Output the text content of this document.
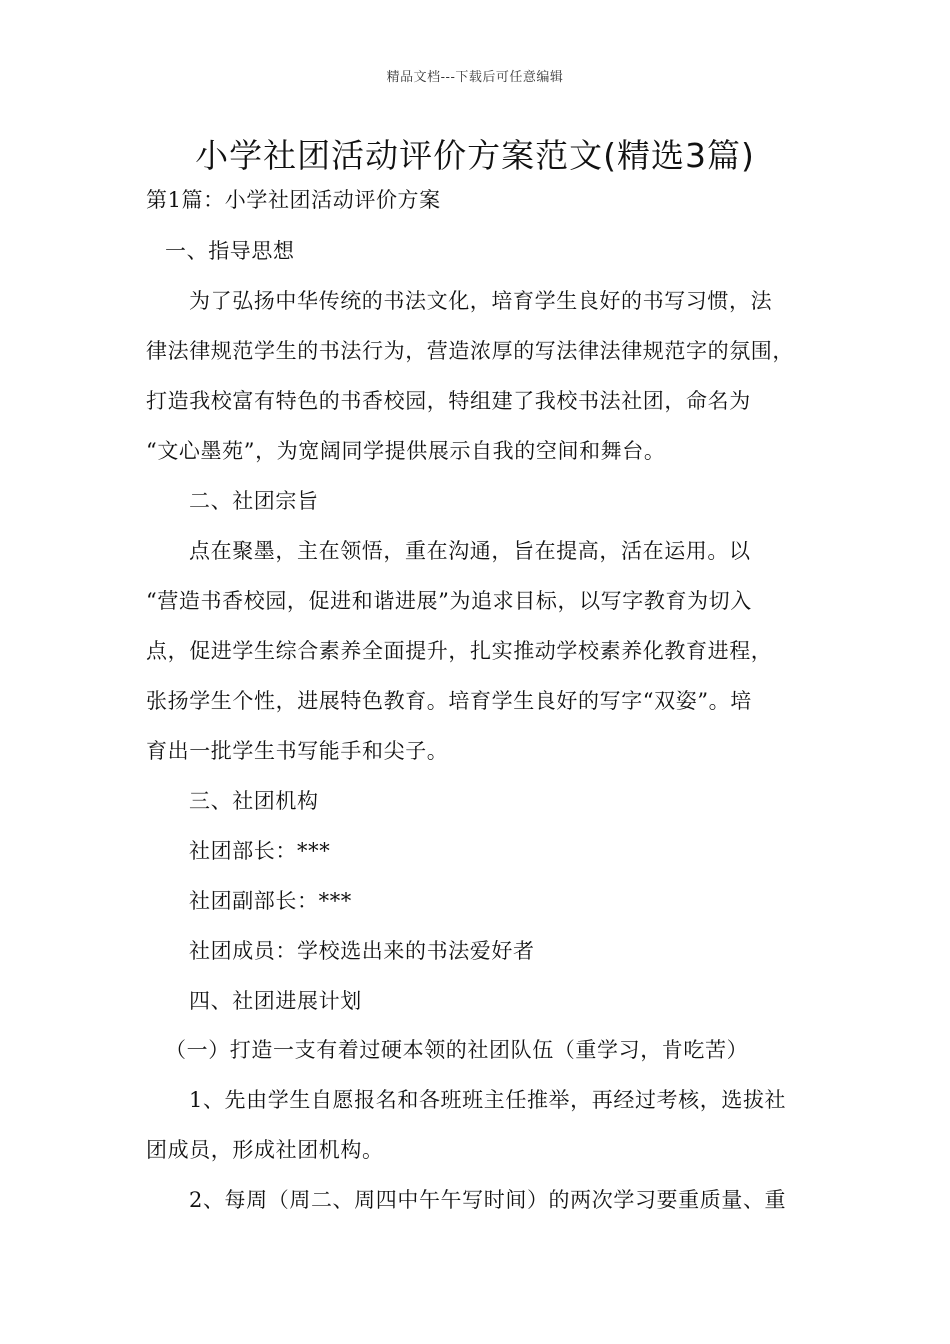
精品文档---下载后可任意编辑
小学社团活动评价方案范文(精选3篇)
第1篇：小学社团活动评价方案
一、指导思想
为了弘扬中华传统的书法文化，培育学生良好的书写习惯，法
律法律规范学生的书法行为，营造浓厚的写法律法律规范字的氛围，
打造我校富有特色的书香校园，特组建了我校书法社团，命名为
“文心墨苑”，为宽阔同学提供展示自我的空间和舞台。
二、社团宗旨
点在聚墨，主在领悟，重在沟通，旨在提高，活在运用。以
“营造书香校园，促进和谐进展”为追求目标，以写字教育为切入
点，促进学生综合素养全面提升，扎实推动学校素养化教育进程，
张扬学生个性，进展特色教育。培育学生良好的写字“双姿”。培
育出一批学生书写能手和尖子。
三、社团机构
社团部长：***
社团副部长：***
社团成员：学校选出来的书法爱好者
四、社团进展计划
（一）打造一支有着过硬本领的社团队伍（重学习，肯吃苦）
1、先由学生自愿报名和各班班主任推举，再经过考核，选拔社
团成员，形成社团机构。
2、每周（周二、周四中午午写时间）的两次学习要重质量、重
